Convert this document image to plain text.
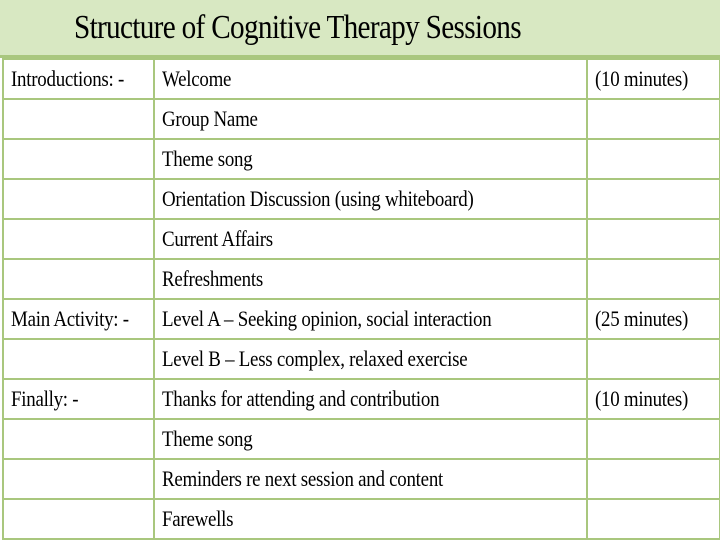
Structure of Cognitive Therapy Sessions
Introductions: -	Welcome	(10 minutes)
	Group Name	
	Theme song	
	Orientation Discussion (using whiteboard)	
	Current Affairs	
	Refreshments	
Main Activity: -	Level A – Seeking opinion, social interaction	(25 minutes)
	Level B – Less complex, relaxed exercise	
Finally: -	Thanks for attending and contribution	(10 minutes)
	Theme song	
	Reminders re next session and content	
	Farewells	
